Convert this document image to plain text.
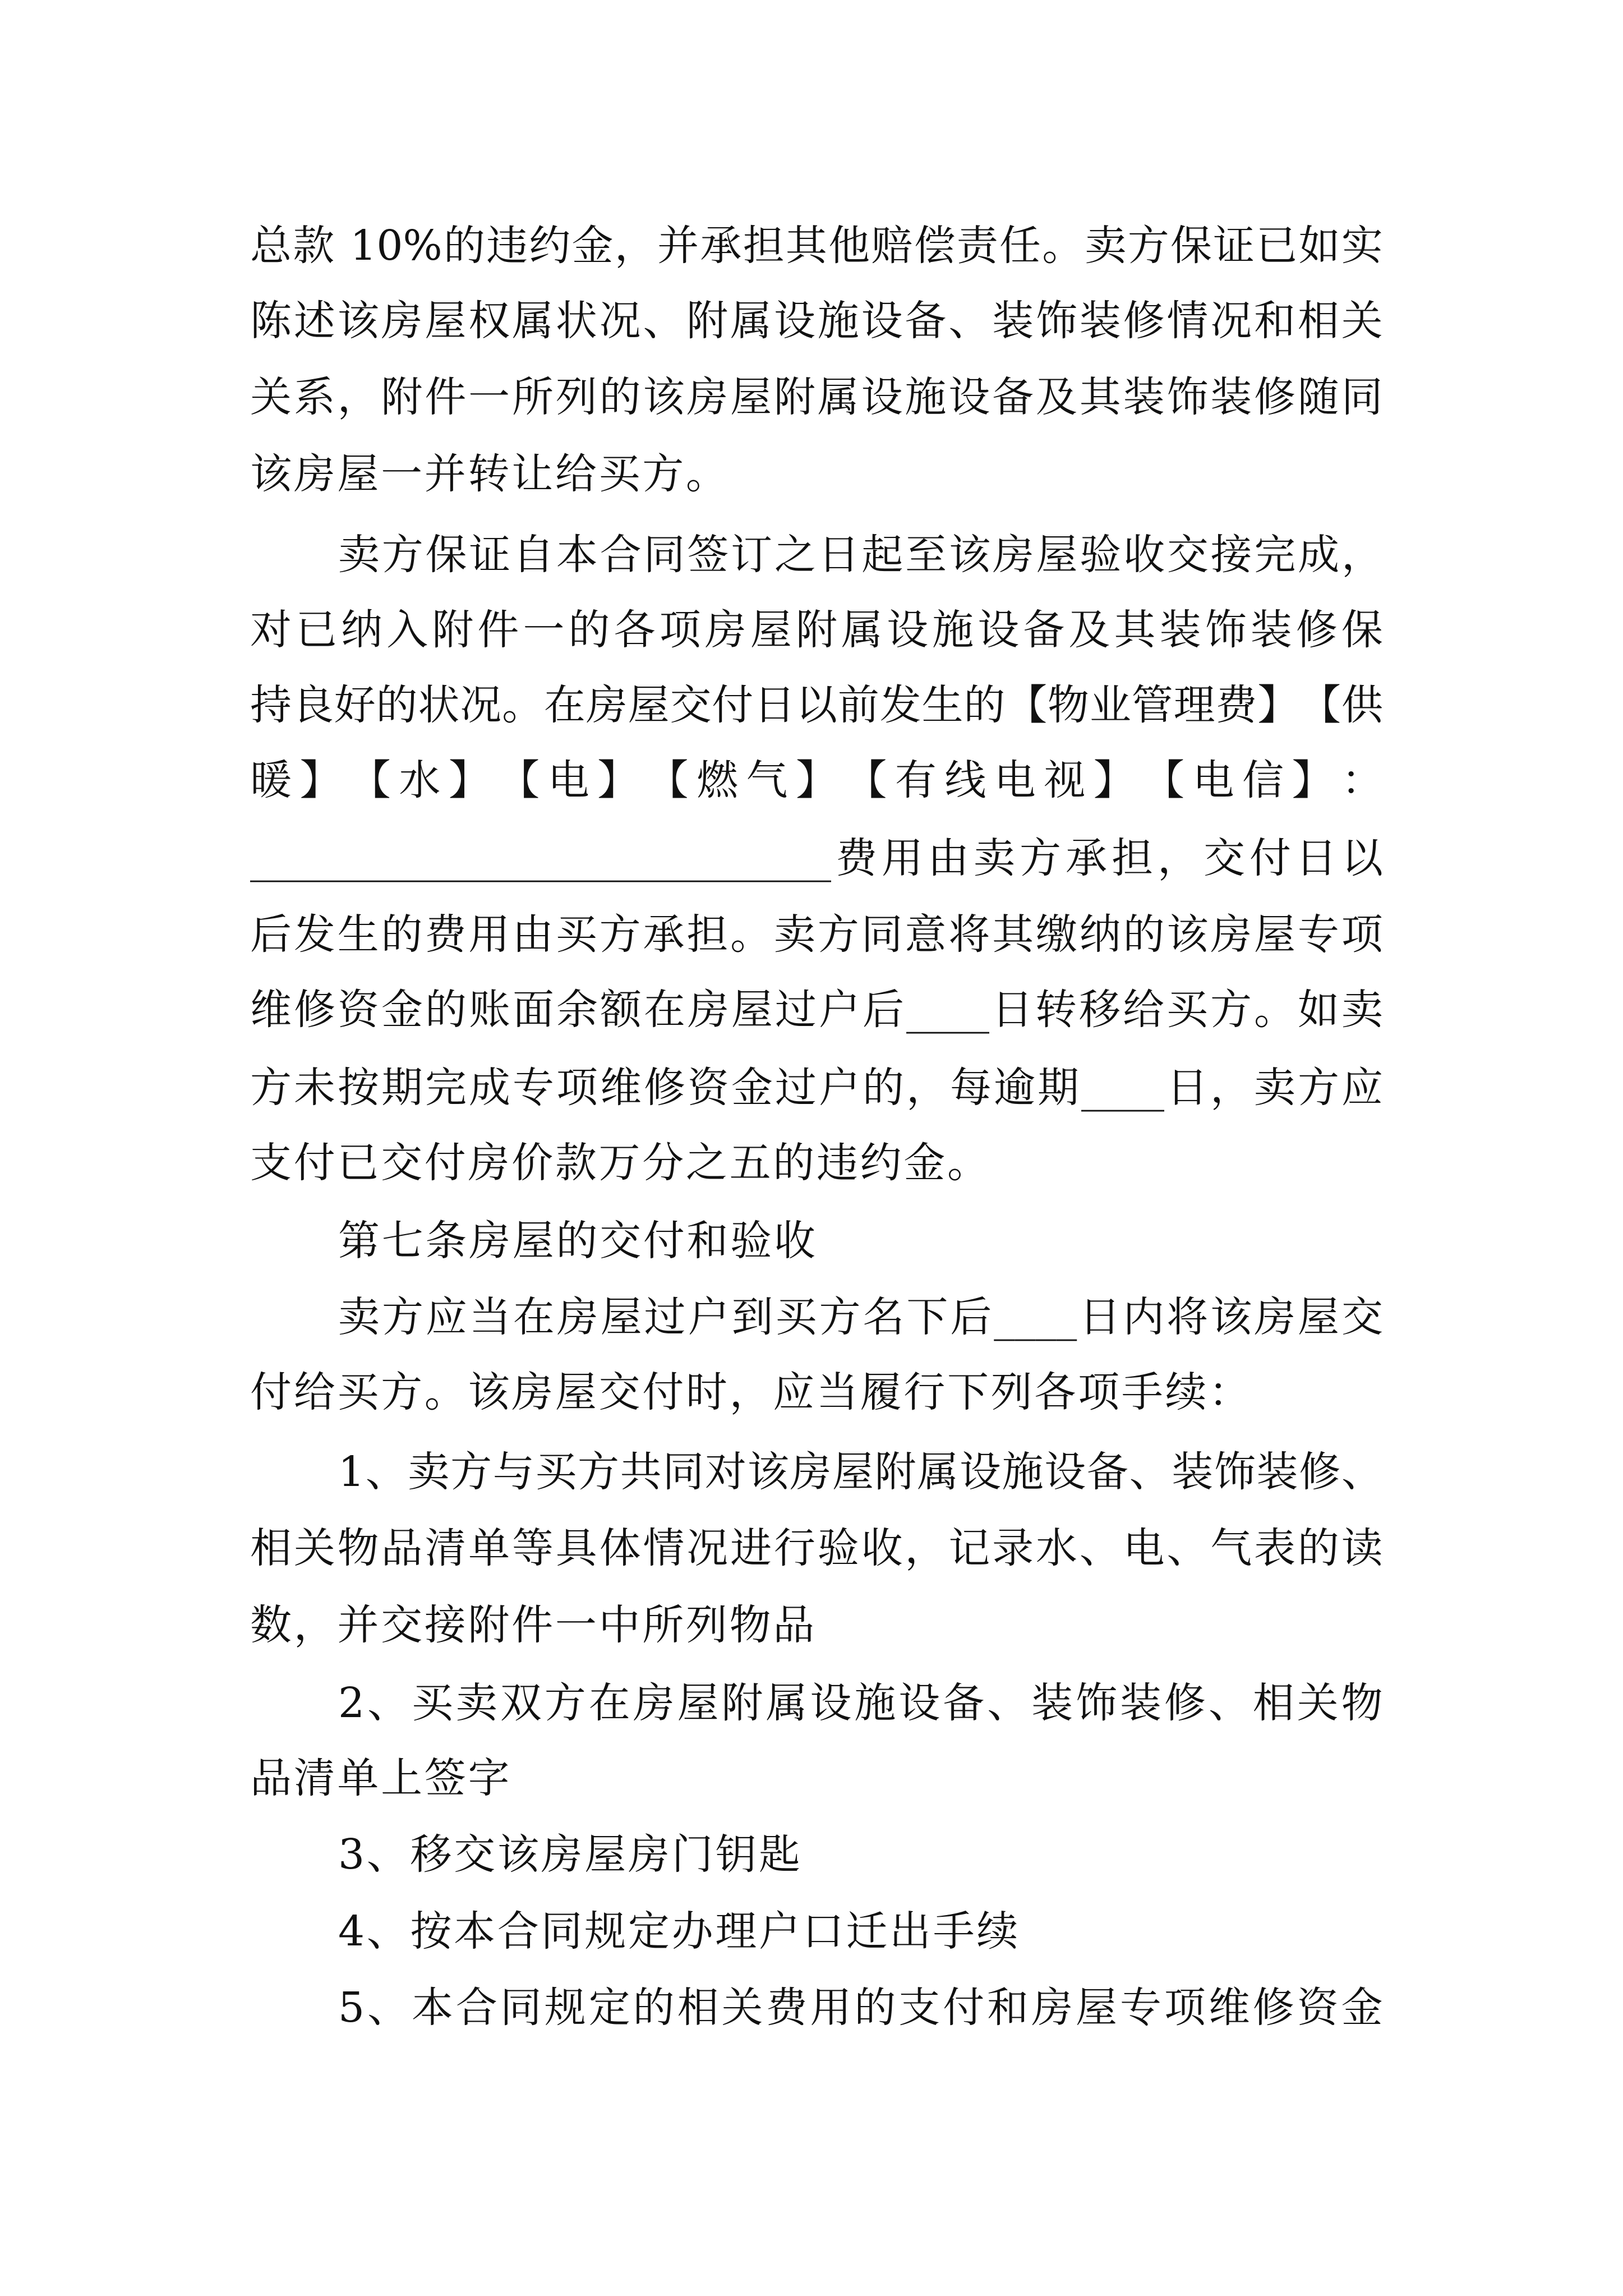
总 款
10% 的 违 约 金 ， 并 承 担 其 他 赔 偿 责 任 。 卖 方 保 证 已 如 实
陈 述 该 房 屋 权 属 状 况 、 附 属 设 施 设 备 、 装 饰 装 修 情 况 和 相 关
关 系 ， 附 件 一 所 列 的 该 房 屋 附 属 设 施 设 备 及 其 装 饰 装 修 随 同
该 房 屋 一 并 转 让 给 买 方 。
卖 方 保 证 自 本 合 同 签 订 之 日 起 至 该 房 屋 验 收 交 接 完 成 ，
对 已 纳 入 附 件 一 的 各 项 房 屋 附 属 设 施 设 备 及 其 装 饰 装 修 保
持 良 好 的 状 况 。 在 房 屋 交 付 日 以 前 发 生 的 【 物 业 管 理 费 】 【 供
暖 】 【 水 】 【 电 】 【 燃 气 】 【 有 线 电 视 】 【 电 信 】 ：
____________________________ 费 用 由 卖 方 承 担 ， 交 付 日 以
后 发 生 的 费 用 由 买 方 承 担 。 卖 方 同 意 将 其 缴 纳 的 该 房 屋 专 项
维 修 资 金 的 账 面 余 额 在 房 屋 过 户 后 ____ 日 转 移 给 买 方 。 如 卖
方 未 按 期 完 成 专 项 维 修 资 金 过 户 的 ， 每 逾 期 ____ 日 ， 卖 方 应
支 付 已 交 付 房 价 款 万 分 之 五 的 违 约 金 。
第 七 条 房 屋 的 交 付 和 验 收
卖 方 应 当 在 房 屋 过 户 到 买 方 名 下 后 ____ 日 内 将 该 房 屋 交
付 给 买 方 。 该 房 屋 交 付 时 ， 应 当 履 行 下 列 各 项 手 续 ：
1 、 卖 方 与 买 方 共 同 对 该 房 屋 附 属 设 施 设 备 、 装 饰 装 修 、
相 关 物 品 清 单 等 具 体 情 况 进 行 验 收 ， 记 录 水 、 电 、 气 表 的 读
数 ， 并 交 接 附 件 一 中 所 列 物 品
2 、 买 卖 双 方 在 房 屋 附 属 设 施 设 备 、 装 饰 装 修 、 相 关 物
品 清 单 上 签 字
3 、 移 交 该 房 屋 房 门 钥 匙
4 、 按 本 合 同 规 定 办 理 户 口 迁 出 手 续
5 、 本 合 同 规 定 的 相 关 费 用 的 支 付 和 房 屋 专 项 维 修 资 金
